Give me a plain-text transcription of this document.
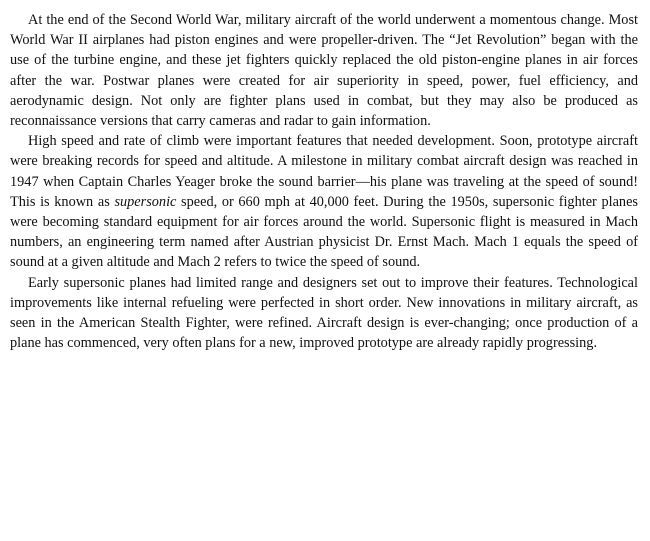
At the end of the Second World War, military aircraft of the world underwent a momentous change. Most World War II airplanes had piston engines and were propeller-driven. The “Jet Revolution” began with the use of the turbine engine, and these jet fighters quickly replaced the old piston-engine planes in air forces after the war. Postwar planes were created for air superiority in speed, power, fuel efficiency, and aerodynamic design. Not only are fighter plans used in combat, but they may also be produced as reconnaissance versions that carry cameras and radar to gain information.

High speed and rate of climb were important features that needed development. Soon, prototype aircraft were breaking records for speed and altitude. A milestone in military combat aircraft design was reached in 1947 when Captain Charles Yeager broke the sound barrier—his plane was traveling at the speed of sound! This is known as supersonic speed, or 660 mph at 40,000 feet. During the 1950s, supersonic fighter planes were becoming standard equipment for air forces around the world. Supersonic flight is measured in Mach numbers, an engineering term named after Austrian physicist Dr. Ernst Mach. Mach 1 equals the speed of sound at a given altitude and Mach 2 refers to twice the speed of sound.

Early supersonic planes had limited range and designers set out to improve their features. Technological improvements like internal refueling were perfected in short order. New innovations in military aircraft, as seen in the American Stealth Fighter, were refined. Aircraft design is ever-changing; once production of a plane has commenced, very often plans for a new, improved prototype are already rapidly progressing.
